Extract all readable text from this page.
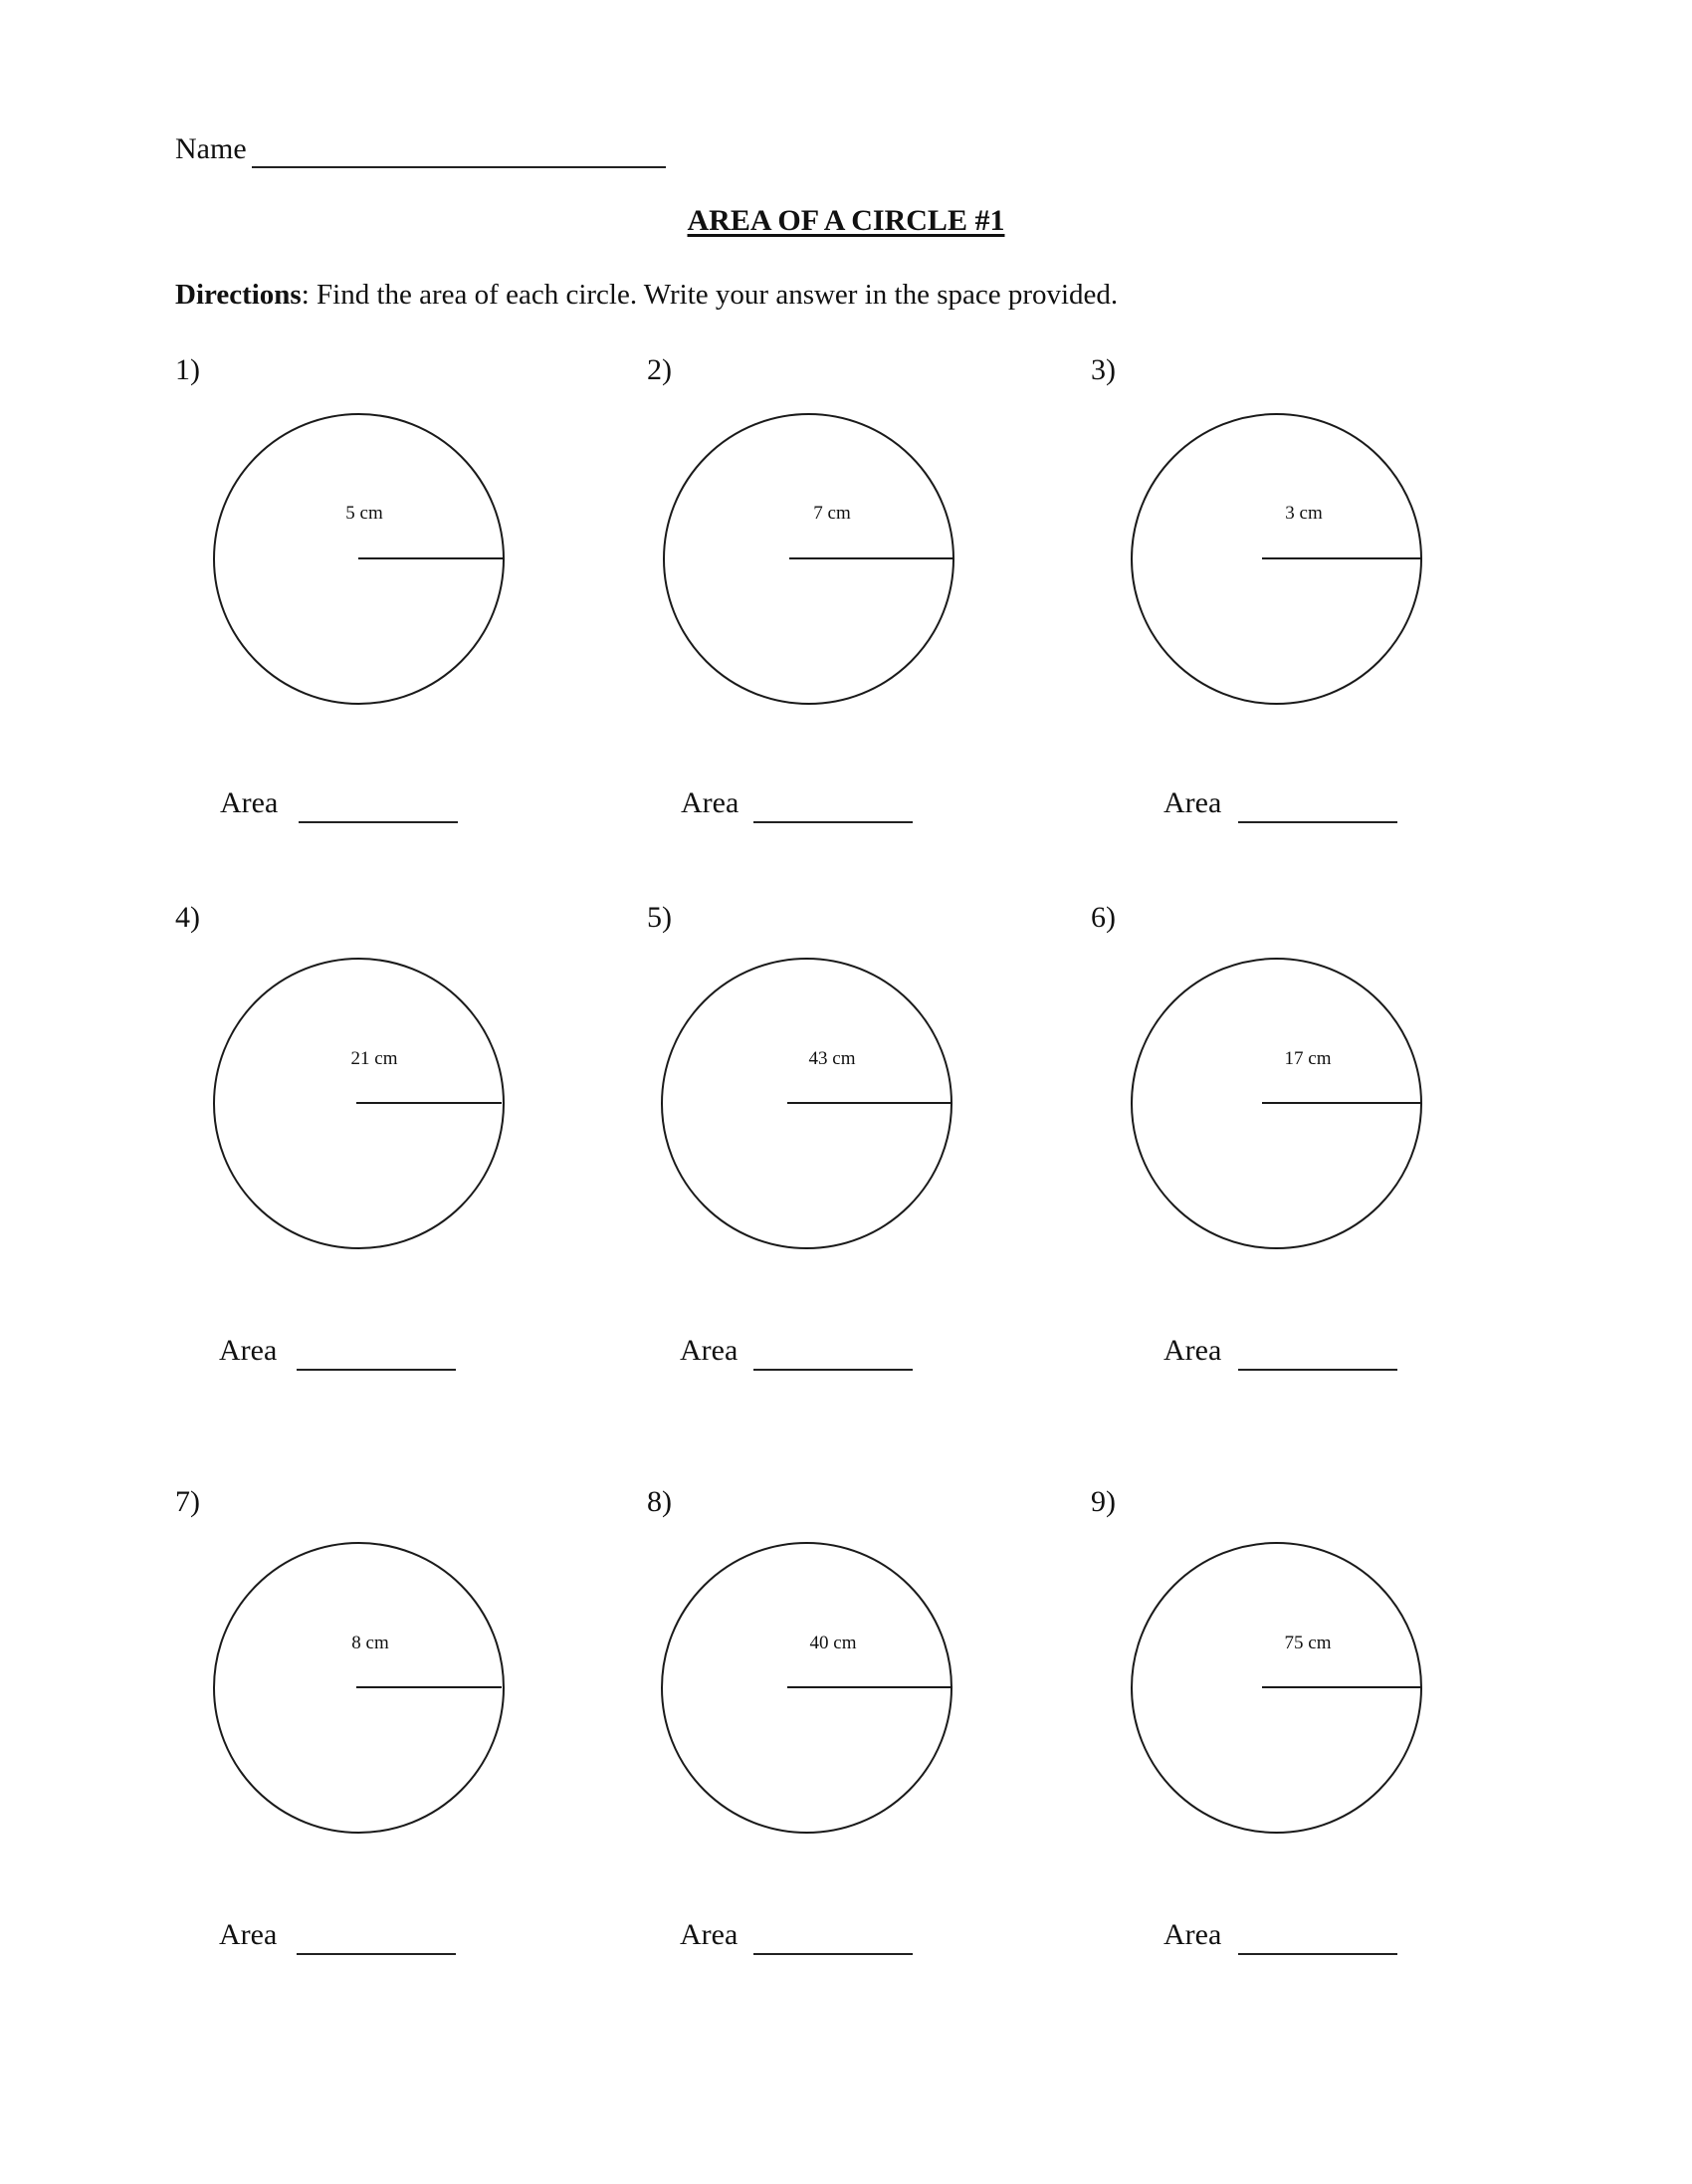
Name
AREA OF A CIRCLE #1
Directions: Find the area of each circle. Write your answer in the space provided.
1)
5 cm
Area
2)
7 cm
Area
3)
3 cm
Area
4)
21 cm
Area
5)
43 cm
Area
6)
17 cm
Area
7)
8 cm
Area
8)
40 cm
Area
9)
75 cm
Area
